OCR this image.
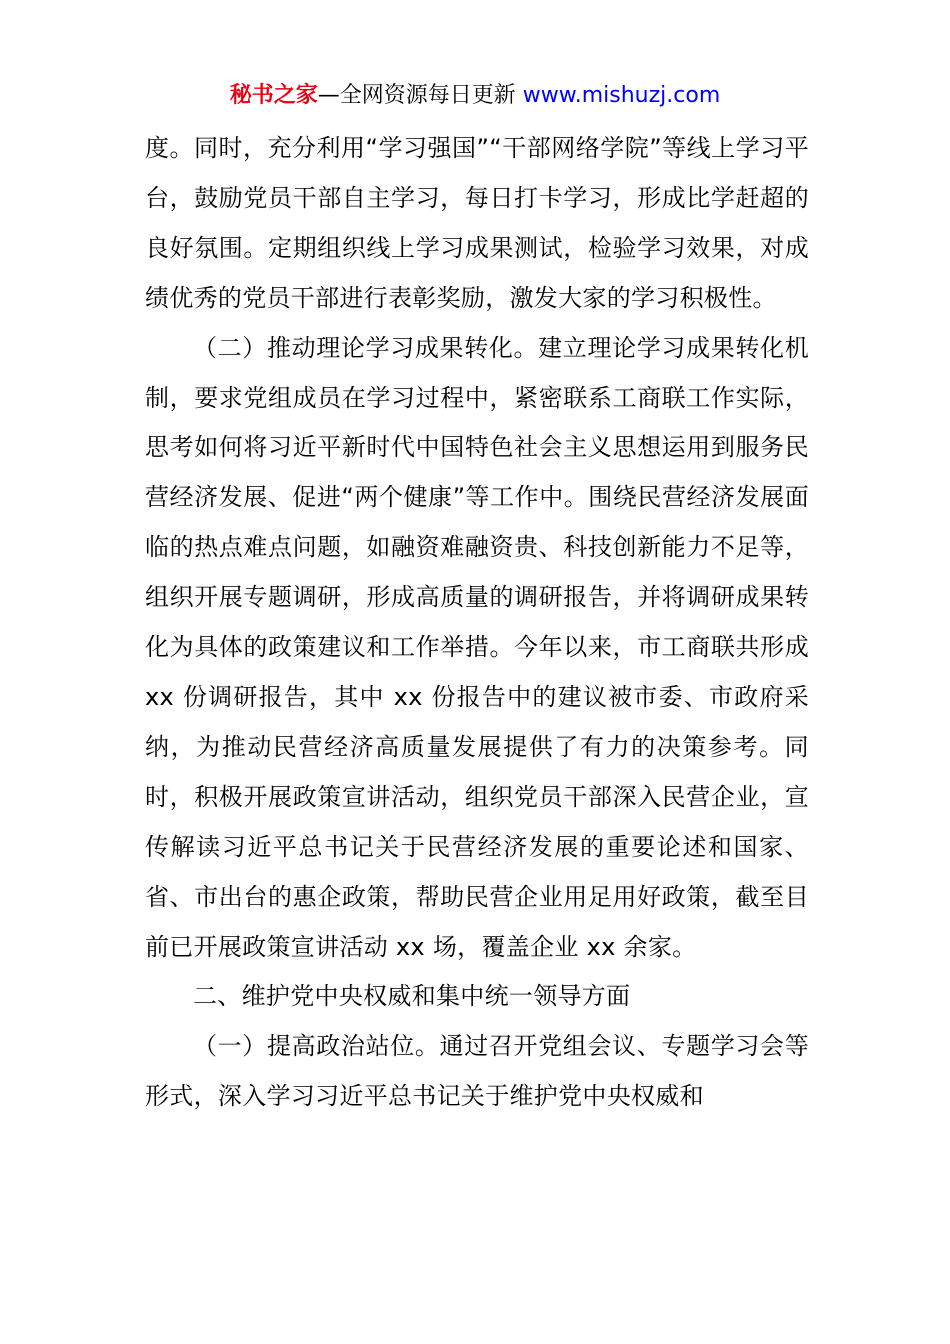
秘书之家—全网资源每日更新 www.mishuzj.com

度。同时，充分利用“学习强国”“干部网络学院”等线上学习平台，鼓励党员干部自主学习，每日打卡学习，形成比学赶超的良好氛围。定期组织线上学习成果测试，检验学习效果，对成绩优秀的党员干部进行表彰奖励，激发大家的学习积极性。

（二）推动理论学习成果转化。建立理论学习成果转化机制，要求党组成员在学习过程中，紧密联系工商联工作实际，思考如何将习近平新时代中国特色社会主义思想运用到服务民营经济发展、促进“两个健康”等工作中。围绕民营经济发展面临的热点难点问题，如融资难融资贵、科技创新能力不足等，组织开展专题调研，形成高质量的调研报告，并将调研成果转化为具体的政策建议和工作举措。今年以来，市工商联共形成 xx 份调研报告，其中 xx 份报告中的建议被市委、市政府采纳，为推动民营经济高质量发展提供了有力的决策参考。同时，积极开展政策宣讲活动，组织党员干部深入民营企业，宣传解读习近平总书记关于民营经济发展的重要论述和国家、省、市出台的惠企政策，帮助民营企业用足用好政策，截至目前已开展政策宣讲活动 xx 场，覆盖企业 xx 余家。

二、维护党中央权威和集中统一领导方面

（一）提高政治站位。通过召开党组会议、专题学习会等形式，深入学习习近平总书记关于维护党中央权威和
